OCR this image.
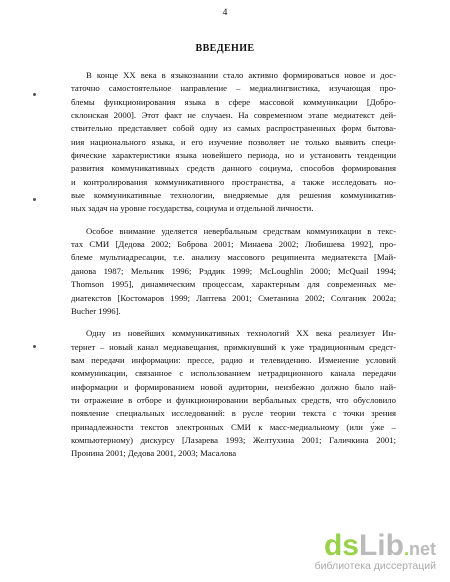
4
ВВЕДЕНИЕ
В конце XX века в языкознании стало активно формироваться новое и дос-
таточно самостоятельное направление – медиалингвистика, изучающая про-
блемы функционирования языка в сфере массовой коммуникации [Добро-
склонская 2000]. Этот факт не случаен. На современном этапе медиатекст дей-
ствительно представляет собой одну из самых распространенных форм бытова-
ния национального языка, и его изучение позволяет не только выявить специ-
фические характеристики языка новейшего периода, но и установить тенденции
развития коммуникативных средств данного социума, способов формирования
и контролирования коммуникативного пространства, а также исследовать но-
вые коммуникативные технологии, внедряемые для решения коммуникатив-
ных задач на уровне государства, социума и отдельной личности.
Особое внимание уделяется невербальным средствам коммуникации в текс-
тах СМИ [Дедова 2002; Боброва 2001; Минаева 2002; Любишева 1992], про-
блеме мультиадресации, т.е. анализу массового реципиента медиатекста [Май-
данова 1987; Мельник 1996; Рэддик 1999; McLoughlin 2000; McQuail 1994;
Thomson 1995], динамическим процессам, характерным для современных ме-
диатекстов [Костомаров 1999; Лаптева 2001; Сметанина 2002; Солганик 2002a;
Bucher 1996].
Одну из новейших коммуникативных технологий XX века реализует Ин-
тернет – новый канал медиавещания, примкнувший к уже традиционным средст-
вам передачи информации: прессе, радио и телевидению. Изменение условий
коммуникации, связанное с использованием нетрадиционного канала передачи
информации и формированием новой аудитории, неизбежно должно было най-
ти отражение в отборе и функционировании вербальных средств, что обусловило
появление специальных исследований: в русле теории текста с точки зрения
принадлежности текстов электронных СМИ к масс-медиальному (или у́же –
компьютерному) дискурсу [Лазарева 1993; Желтухина 2001; Галичкина 2001;
Пронина 2001; Дедова 2001, 2003; Масалова
dsLib.net
библиотека диссертаций
